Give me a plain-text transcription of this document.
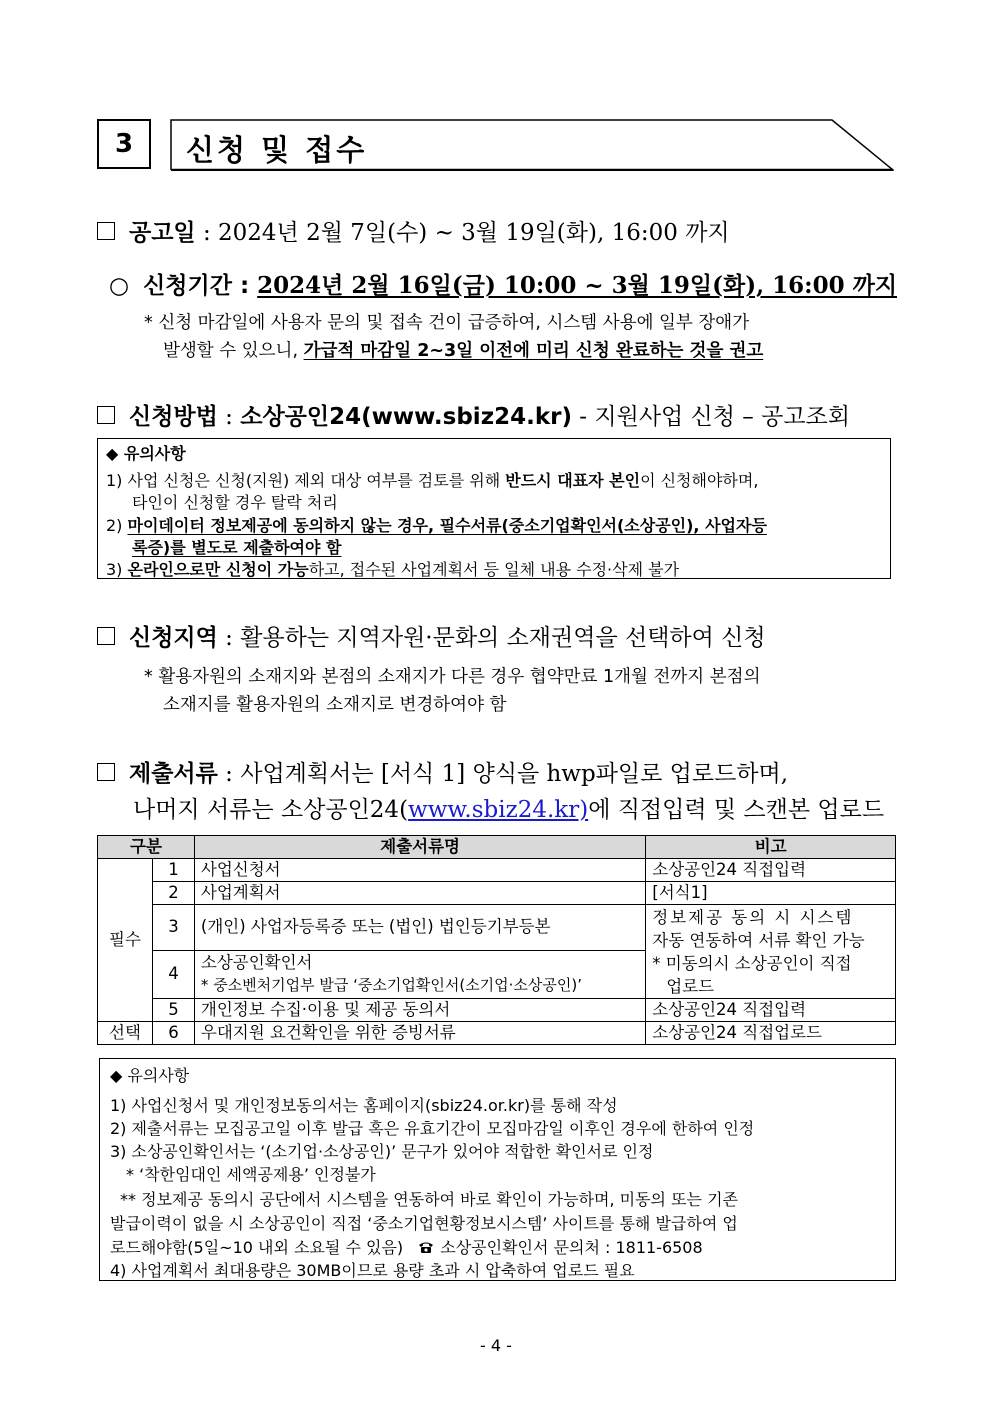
3 신청 및 접수
공고일 : 2024년 2월 7일(수) ~ 3월 19일(화), 16:00 까지
○ 신청기간 : 2024년 2월 16일(금) 10:00 ~ 3월 19일(화), 16:00 까지
* 신청 마감일에 사용자 문의 및 접속 건이 급증하여, 시스템 사용에 일부 장애가
발생할 수 있으니, 가급적 마감일 2~3일 이전에 미리 신청 완료하는 것을 권고
신청방법 : 소상공인24(www.sbiz24.kr) - 지원사업 신청 – 공고조회
◆ 유의사항
1) 사업 신청은 신청(지원) 제외 대상 여부를 검토를 위해 반드시 대표자 본인이 신청해야하며,
타인이 신청할 경우 탈락 처리
2) 마이데이터 정보제공에 동의하지 않는 경우, 필수서류(중소기업확인서(소상공인), 사업자등
록증)를 별도로 제출하여야 함
3) 온라인으로만 신청이 가능하고, 접수된 사업계획서 등 일체 내용 수정·삭제 불가
신청지역 : 활용하는 지역자원·문화의 소재권역을 선택하여 신청
* 활용자원의 소재지와 본점의 소재지가 다른 경우 협약만료 1개월 전까지 본점의
소재지를 활용자원의 소재지로 변경하여야 함
제출서류 : 사업계획서는 [서식 1] 양식을 hwp파일로 업로드하며,
나머지 서류는 소상공인24(www.sbiz24.kr)에 직접입력 및 스캔본 업로드
구분		제출서류명	비고
필수	1	사업신청서	소상공인24 직접입력
	2	사업계획서	[서식1]
	3	(개인) 사업자등록증 또는 (법인) 법인등기부등본	정보제공 동의 시 시스템
자동 연동하여 서류 확인 가능
* 미동의시 소상공인이 직접
업로드

	4	소상공인확인서
* 중소벤처기업부 발급 ‘중소기업확인서(소기업·소상공인)’	

	5	개인정보 수집·이용 및 제공 동의서	소상공인24 직접입력
선택	6	우대지원 요건확인을 위한 증빙서류	소상공인24 직접업로드
◆ 유의사항
1) 사업신청서 및 개인정보동의서는 홈페이지(sbiz24.or.kr)를 통해 작성
2) 제출서류는 모집공고일 이후 발급 혹은 유효기간이 모집마감일 이후인 경우에 한하여 인정
3) 소상공인확인서는 ‘(소기업·소상공인)’ 문구가 있어야 적합한 확인서로 인정
* ‘착한임대인 세액공제용’ 인정불가
** 정보제공 동의시 공단에서 시스템을 연동하여 바로 확인이 가능하며, 미동의 또는 기존
발급이력이 없을 시 소상공인이 직접 ‘중소기업현황정보시스템’ 사이트를 통해 발급하여 업
로드해야함(5일~10 내외 소요될 수 있음) 소상공인확인서 문의처 : 1811-6508
4) 사업계획서 최대용량은 30MB이므로 용량 초과 시 압축하여 업로드 필요
- 4 -
